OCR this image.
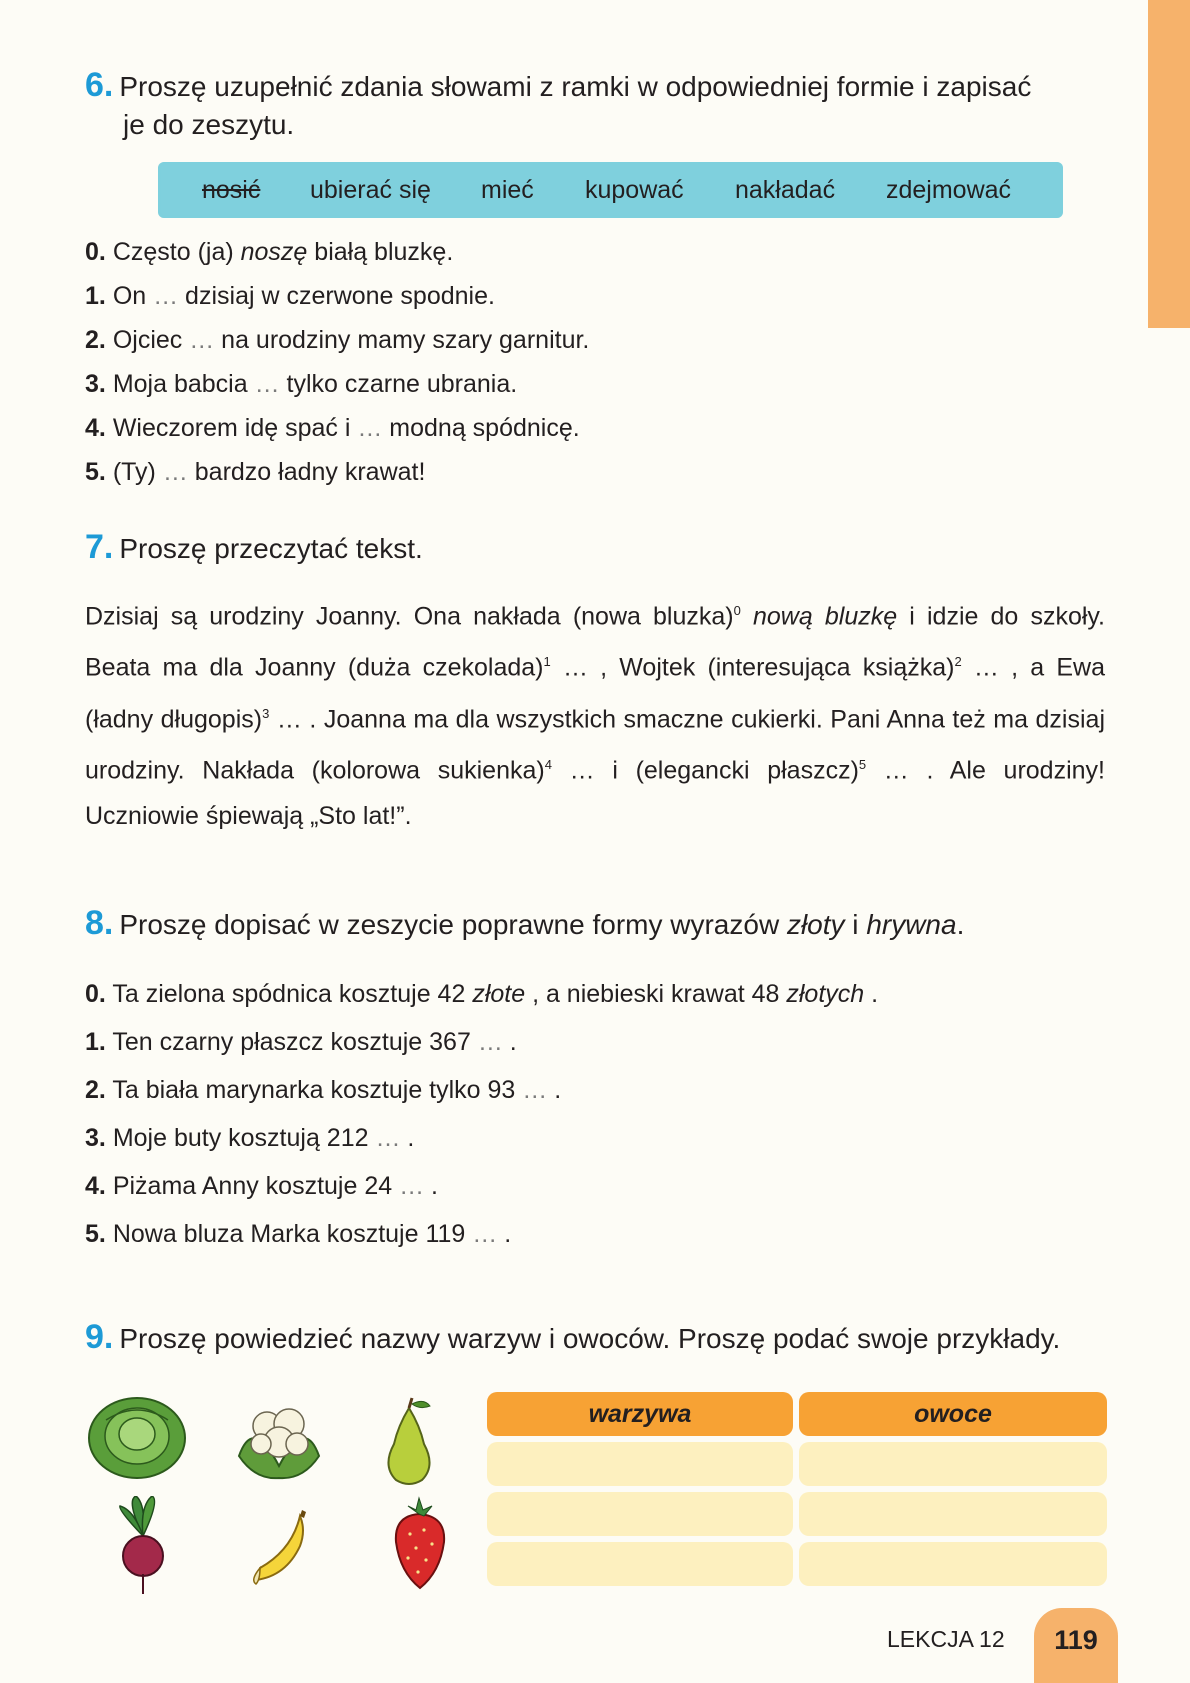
6. Proszę uzupełnić zdania słowami z ramki w odpowiedniej formie i zapisać
je do zeszytu.
nosić ubierać się mieć kupować nakładać zdejmować
0. Często (ja) noszę białą bluzkę.
1. On … dzisiaj w czerwone spodnie.
2. Ojciec … na urodziny mamy szary garnitur.
3. Moja babcia … tylko czarne ubrania.
4. Wieczorem idę spać i … modną spódnicę.
5. (Ty) … bardzo ładny krawat!
7. Proszę przeczytać tekst.
Dzisiaj są urodziny Joanny. Ona nakłada (nowa bluzka)$^0$ nową bluzkę i idzie do szkoły. Beata ma dla Joanny (duża czekolada)$^1$ … , Wojtek (interesująca książka)$^2$ … , a Ewa (ładny długopis)$^3$ … . Joanna ma dla wszystkich smaczne cukierki. Pani Anna też ma dzisiaj urodziny. Nakłada (kolorowa sukienka)$^4$ … i (elegancki płaszcz)$^5$ … . Ale urodziny! Uczniowie śpiewają „Sto lat!”.
8. Proszę dopisać w zeszycie poprawne formy wyrazów złoty i hrywna.
0. Ta zielona spódnica kosztuje 42 złote , a niebieski krawat 48 złotych .
1. Ten czarny płaszcz kosztuje 367 … .
2. Ta biała marynarka kosztuje tylko 93 … .
3. Moje buty kosztują 212 … .
4. Piżama Anny kosztuje 24 … .
5. Nowa bluza Marka kosztuje 119 … .
9. Proszę powiedzieć nazwy warzyw i owoców. Proszę podać swoje przykłady.
warzywa	owoce
LEKCJA 12	119
